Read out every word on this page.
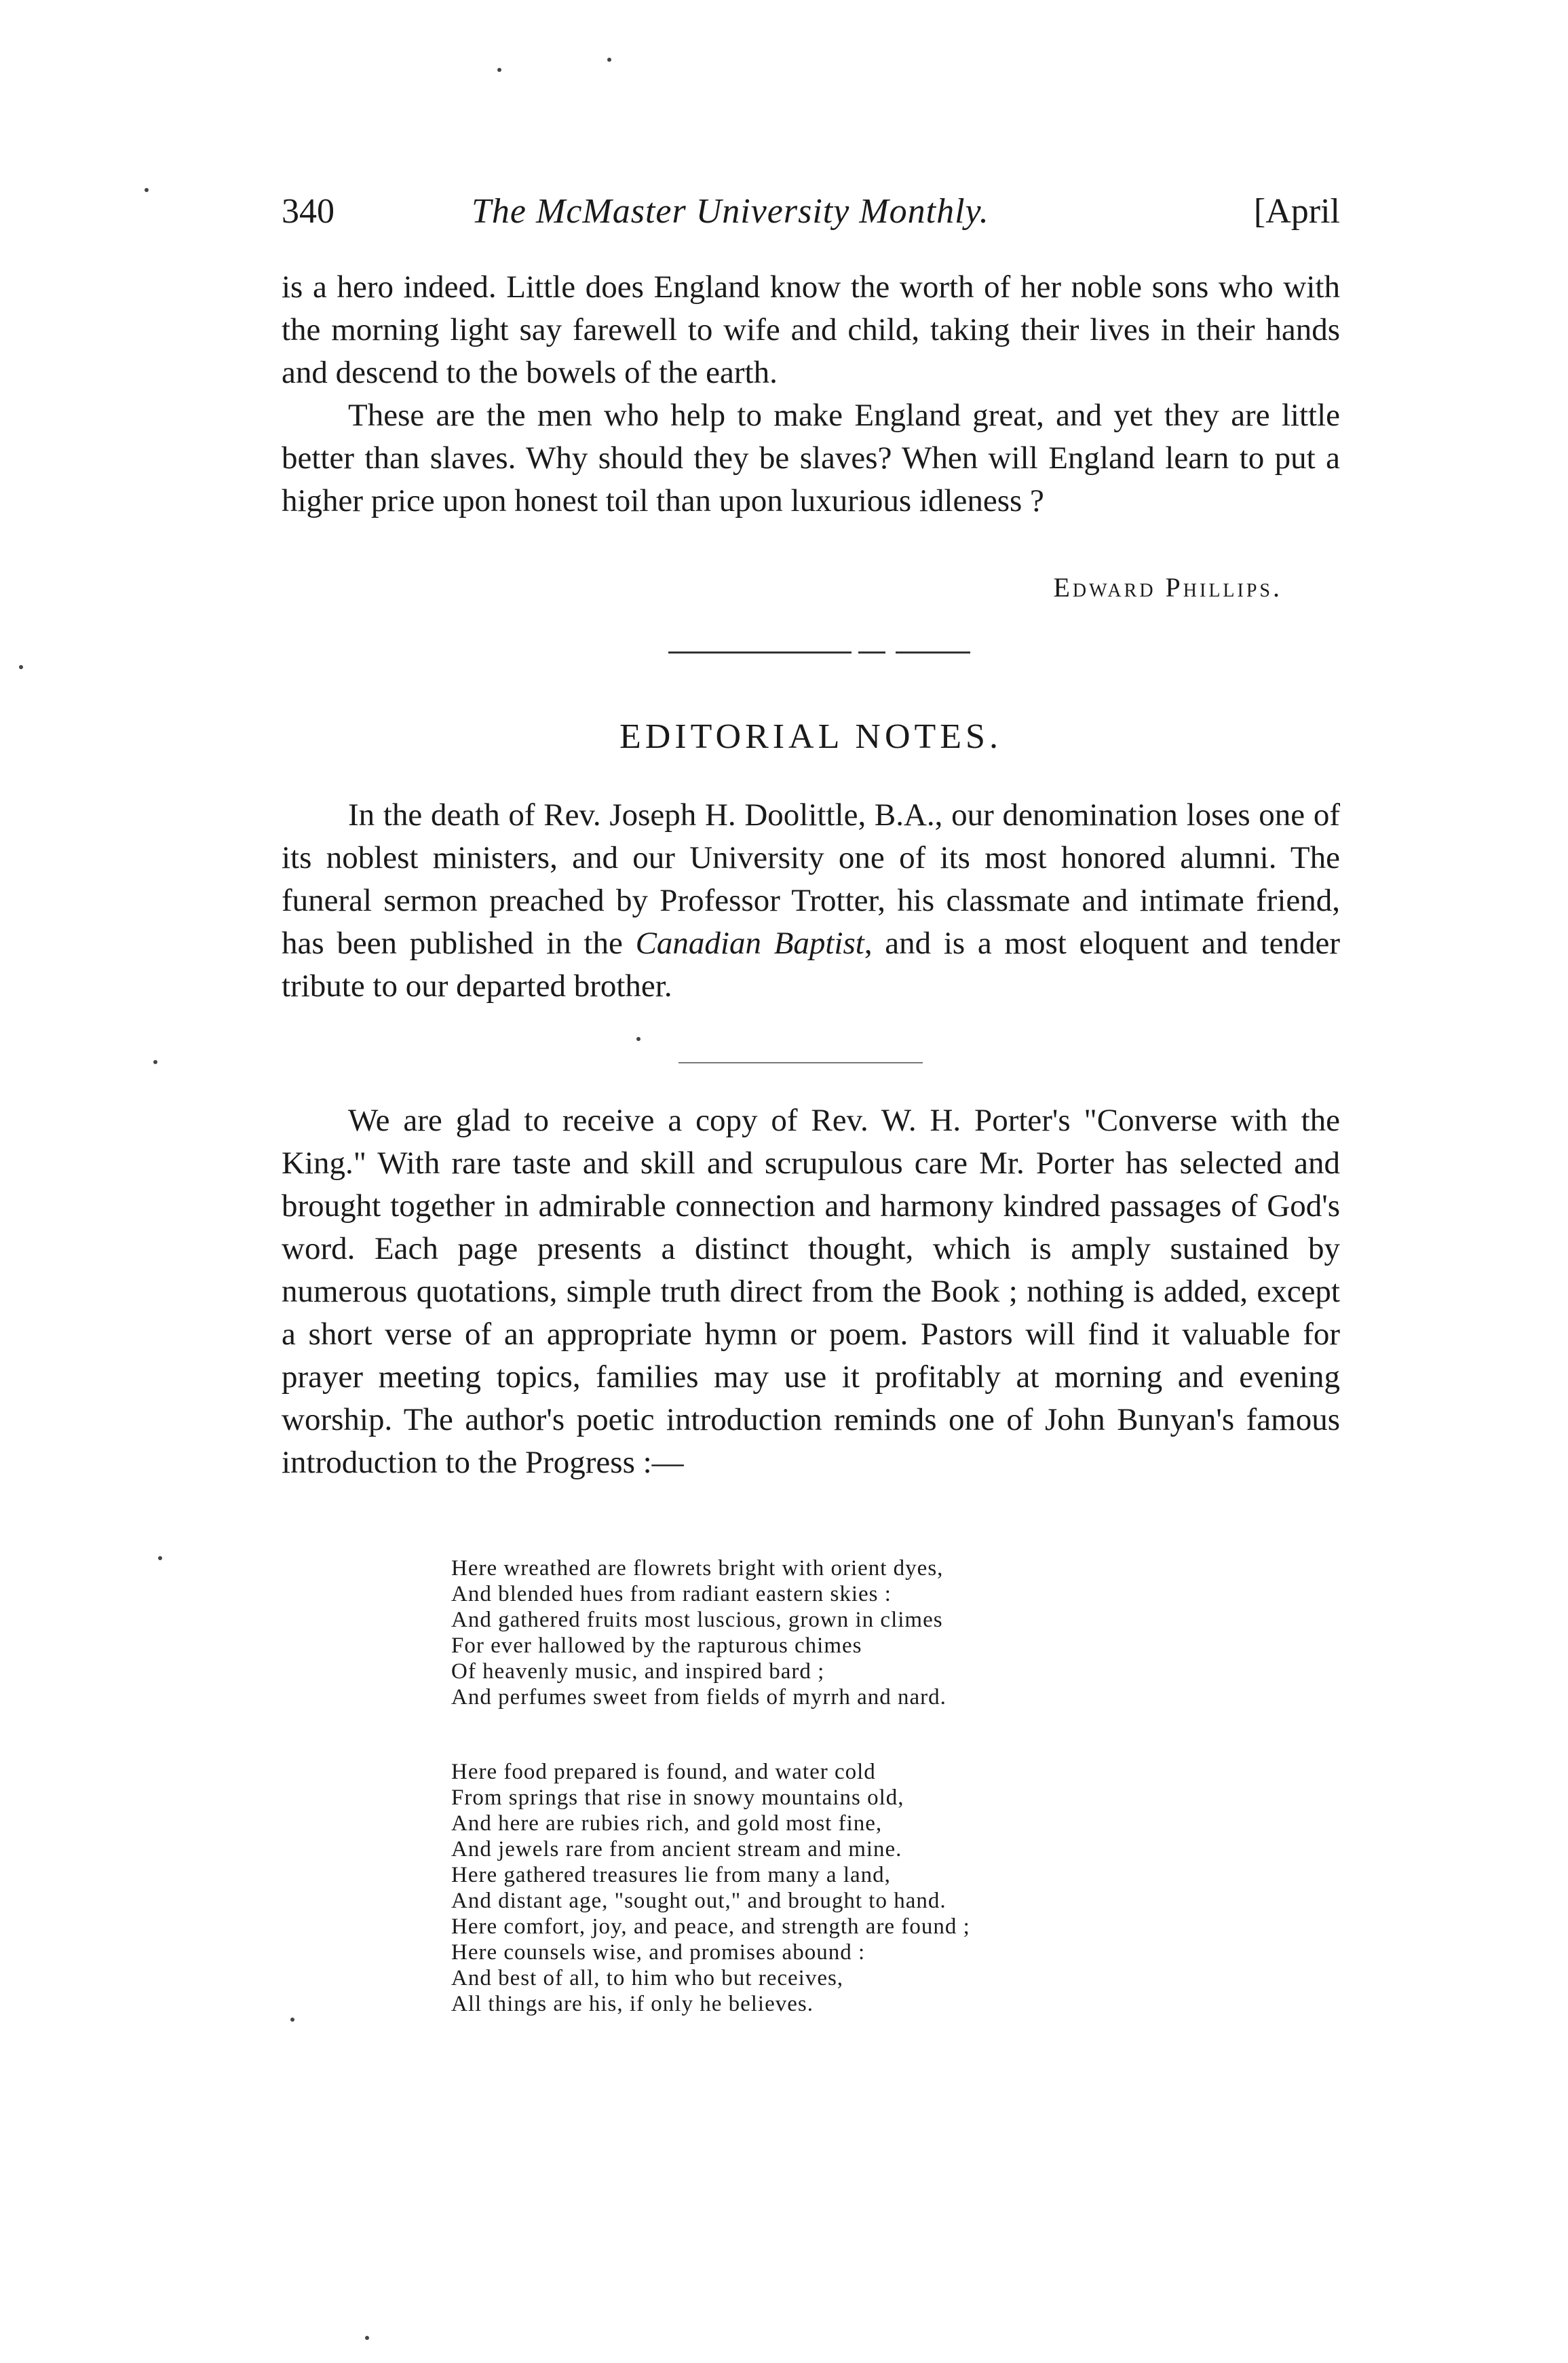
340	The McMaster University Monthly.	[April

is a hero indeed. Little does England know the worth of her noble sons who with the morning light say farewell to wife and child, taking their lives in their hands and descend to the bowels of the earth.

These are the men who help to make England great, and yet they are little better than slaves. Why should they be slaves? When will England learn to put a higher price upon honest toil than upon luxurious idleness ?

Edward Phillips.
EDITORIAL NOTES.

In the death of Rev. Joseph H. Doolittle, B.A., our denomination loses one of its noblest ministers, and our University one of its most honored alumni. The funeral sermon preached by Professor Trotter, his classmate and intimate friend, has been published in the Canadian Baptist, and is a most eloquent and tender tribute to our departed brother.

We are glad to receive a copy of Rev. W. H. Porter's "Converse with the King." With rare taste and skill and scrupulous care Mr. Porter has selected and brought together in admirable connection and harmony kindred passages of God's word. Each page presents a distinct thought, which is amply sustained by numerous quotations, simple truth direct from the Book ; nothing is added, except a short verse of an appropriate hymn or poem. Pastors will find it valuable for prayer meeting topics, families may use it profitably at morning and evening worship. The author's poetic introduction reminds one of John Bunyan's famous introduction to the Progress :—

Here wreathed are flowrets bright with orient dyes,
And blended hues from radiant eastern skies :
And gathered fruits most luscious, grown in climes
For ever hallowed by the rapturous chimes
Of heavenly music, and inspired bard ;
And perfumes sweet from fields of myrrh and nard.
Here food prepared is found, and water cold
From springs that rise in snowy mountains old,
And here are rubies rich, and gold most fine,
And jewels rare from ancient stream and mine.
Here gathered treasures lie from many a land,
And distant age, "sought out," and brought to hand.
Here comfort, joy, and peace, and strength are found ;
Here counsels wise, and promises abound :
And best of all, to him who but receives,
All things are his, if only he believes.
